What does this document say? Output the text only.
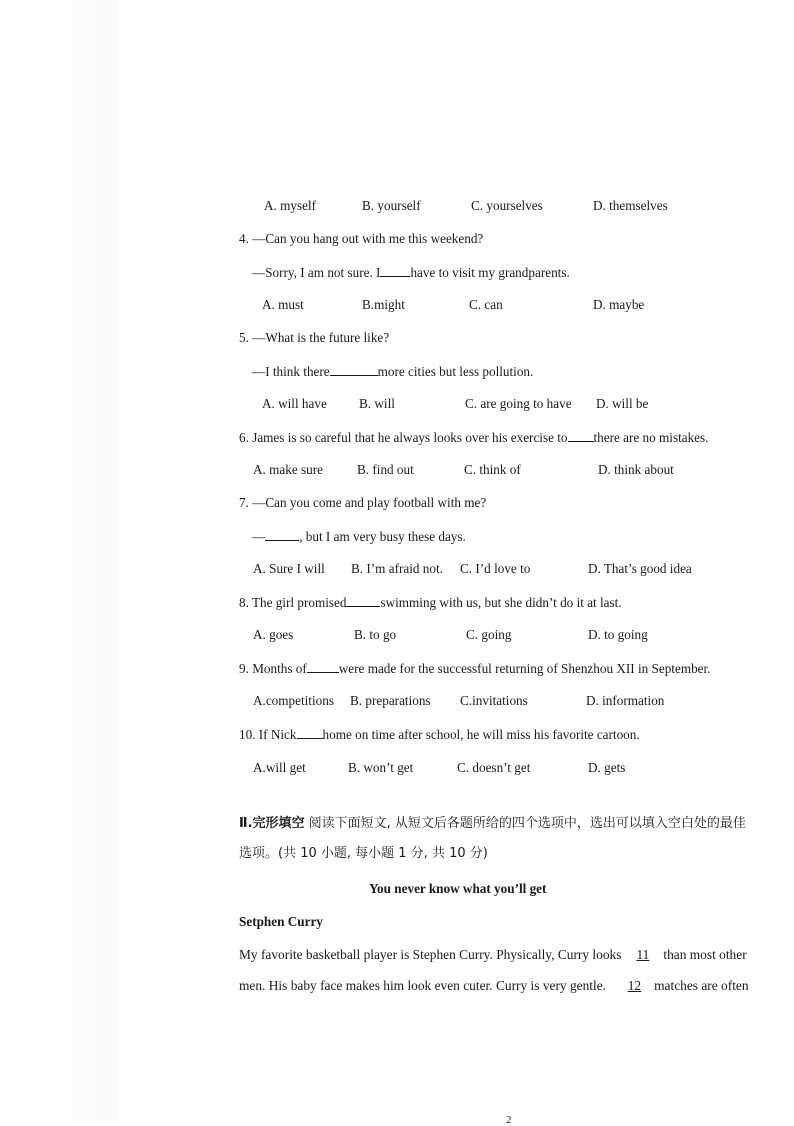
A. myself	B. yourself	C. yourselves	D. themselves
4. —Can you hang out with me this weekend?
—Sorry, I am not sure. I have to visit my grandparents.
A. must	B.might	C. can	D. maybe
5. —What is the future like?
—I think there	more cities but less pollution.
A. will have B. will	C. are going to have D. will be
6. James is so careful that he always looks over his exercise to there are no mistakes.
A. make sure	B. find out	C. think of	D. think about
7. —Can you come and play football with me?
—	, but I am very busy these days.
A. Sure I will B. I’m afraid not. C. I’d love to	D. That’s good idea
8. The girl promised	swimming with us, but she didn’t do it at last.
A. goes	B. to go	C. going	D. to going
9. Months of were made for the successful returning of Shenzhou XII in September.
A.competitions B. preparations C.invitations	D. information
10. If Nick home on time after school, he will miss his favorite cartoon.
A.will get	B. won’t get	C. doesn’t get	D. gets
Ⅱ.完形填空 阅读下面短文, 从短文后各题所给的四个选项中，选出可以填入空白处的最佳
选项。(共 10 小题, 每小题 1 分, 共 10 分)
You never know what you’ll get
Setphen Curry
My favorite basketball player is Stephen Curry. Physically, Curry looks 11 than most other
men. His baby face makes him look even cuter. Curry is very gentle. 12 matches are often
2
